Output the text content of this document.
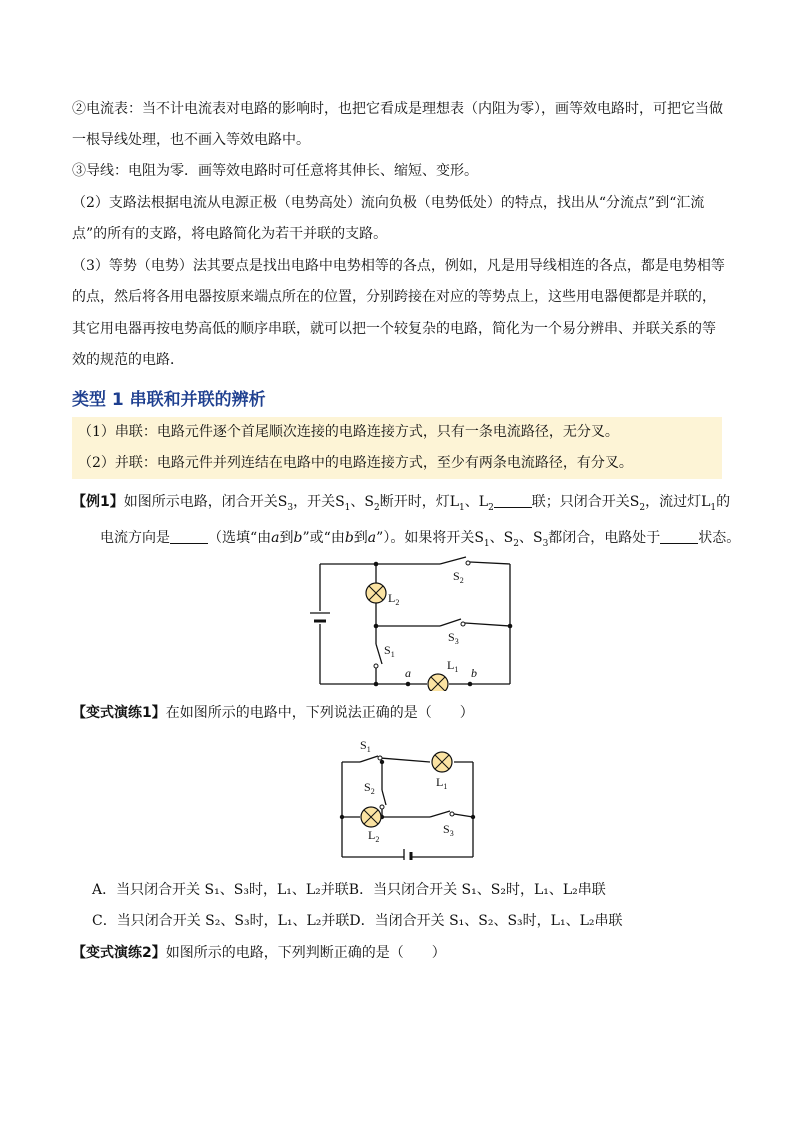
②电流表：当不计电流表对电路的影响时，也把它看成是理想表（内阻为零），画等效电路时，可把它当做

一根导线处理，也不画入等效电路中。

③导线：电阻为零．画等效电路时可任意将其伸长、缩短、变形。

（2）支路法根据电流从电源正极（电势高处）流向负极（电势低处）的特点，找出从“分流点”到“汇流

点”的所有的支路，将电路简化为若干并联的支路。

（3）等势（电势）法其要点是找出电路中电势相等的各点，例如，凡是用导线相连的各点，都是电势相等

的点，然后将各用电器按原来端点所在的位置，分别跨接在对应的等势点上，这些用电器便都是并联的，

其它用电器再按电势高低的顺序串联，就可以把一个较复杂的电路，简化为一个易分辨串、并联关系的等

效的规范的电路．

类型 1 串联和并联的辨析
（1）串联：电路元件逐个首尾顺次连接的电路连接方式，只有一条电流路径，无分叉。
（2）并联：电路元件并列连结在电路中的电路连接方式，至少有两条电流路径，有分叉。

【例1】如图所示电路，闭合开关$S_3$，开关$S_1$、$S_2$断开时，灯$L_1$、$L_2$	联；只闭合开关$S_2$，流过灯$L_1$的

电流方向是	（选填“由a到b”或“由b到a”）。如果将开关$S_1$、$S_2$、$S_3$都闭合，电路处于	状态。

$S_2$
$S_3$
$S_1$
$L_2$
$L_1$
a	b

【变式演练1】在如图所示的电路中，下列说法正确的是（　　）

$S_1$
$S_2$
$S_3$
$L_1$
$L_2$

A．当只闭合开关 S₁、S₃时，L₁、L₂并联B．当只闭合开关 S₁、S₂时，L₁、L₂串联

C．当只闭合开关 S₂、S₃时，L₁、L₂并联D．当闭合开关 S₁、S₂、S₃时，L₁、L₂串联

【变式演练2】如图所示的电路，下列判断正确的是（　　）
